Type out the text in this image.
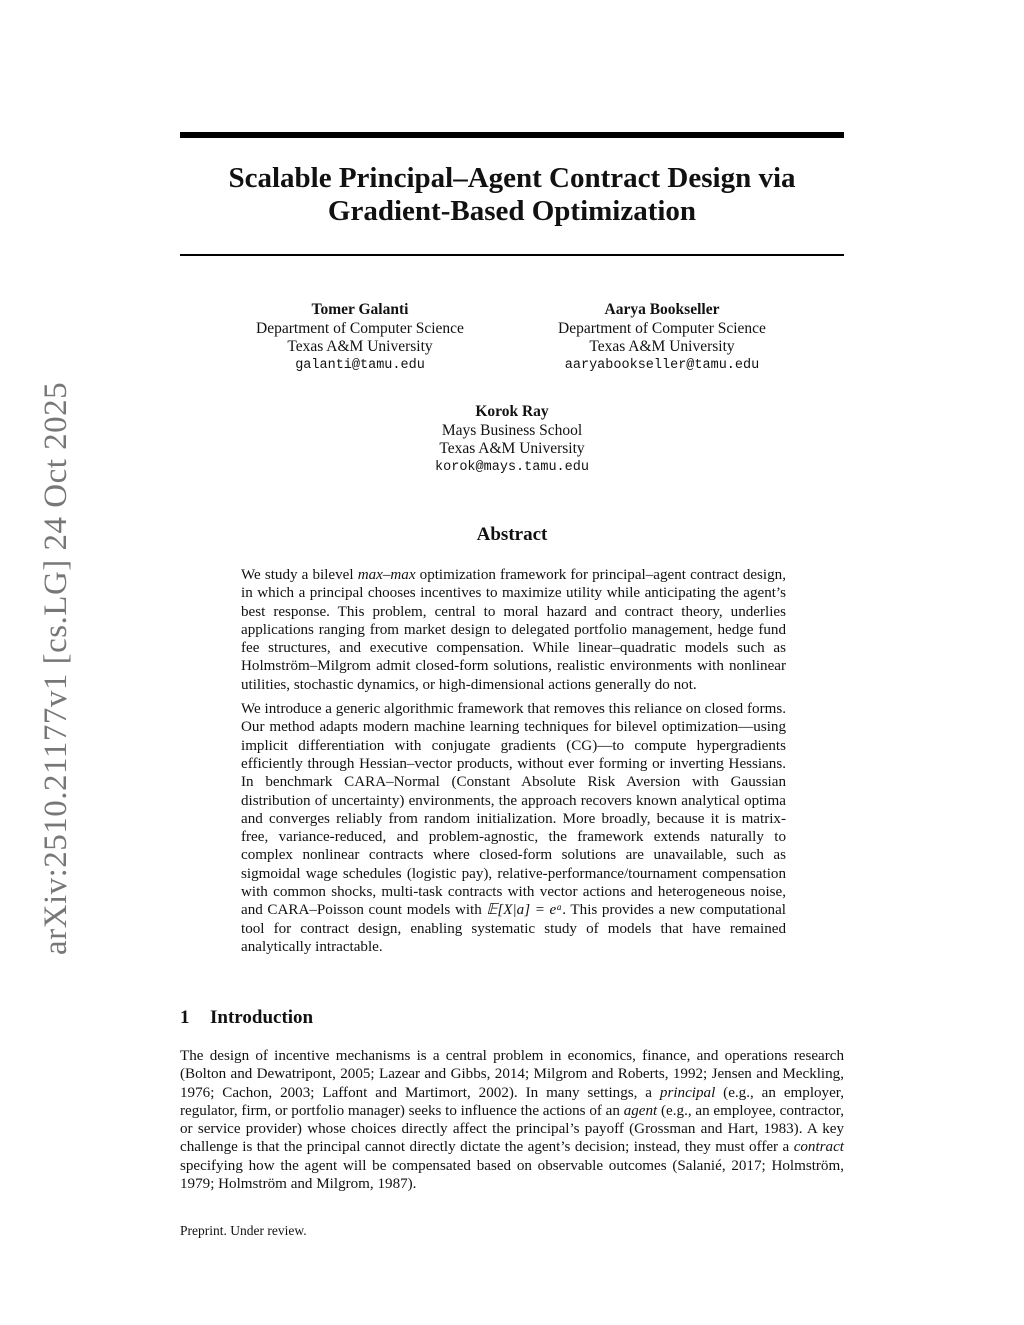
arXiv:2510.21177v1 [cs.LG] 24 Oct 2025
Scalable Principal–Agent Contract Design via Gradient-Based Optimization
Tomer Galanti
Department of Computer Science
Texas A&M University
galanti@tamu.edu
Aarya Bookseller
Department of Computer Science
Texas A&M University
aaryabookseller@tamu.edu
Korok Ray
Mays Business School
Texas A&M University
korok@mays.tamu.edu
Abstract

We study a bilevel max–max optimization framework for principal–agent contract design, in which a principal chooses incentives to maximize utility while anticipating the agent’s best response. This problem, central to moral hazard and contract theory, underlies applications ranging from market design to delegated portfolio management, hedge fund fee structures, and executive compensation. While linear–quadratic models such as Holmström–Milgrom admit closed-form solutions, realistic environments with nonlinear utilities, stochastic dynamics, or high-dimensional actions generally do not.

We introduce a generic algorithmic framework that removes this reliance on closed forms. Our method adapts modern machine learning techniques for bilevel optimization—using implicit differentiation with conjugate gradients (CG)—to compute hypergradients efficiently through Hessian–vector products, without ever forming or inverting Hessians. In benchmark CARA–Normal (Constant Absolute Risk Aversion with Gaussian distribution of uncertainty) environments, the approach recovers known analytical optima and converges reliably from random initialization. More broadly, because it is matrix-free, variance-reduced, and problem-agnostic, the framework extends naturally to complex nonlinear contracts where closed-form solutions are unavailable, such as sigmoidal wage schedules (logistic pay), relative-performance/tournament compensation with common shocks, multi-task contracts with vector actions and heterogeneous noise, and CARA–Poisson count models with 𝔼[X|a] = eᵃ. This provides a new computational tool for contract design, enabling systematic study of models that have remained analytically intractable.

1 Introduction

The design of incentive mechanisms is a central problem in economics, finance, and operations research (Bolton and Dewatripont, 2005; Lazear and Gibbs, 2014; Milgrom and Roberts, 1992; Jensen and Meckling, 1976; Cachon, 2003; Laffont and Martimort, 2002). In many settings, a principal (e.g., an employer, regulator, firm, or portfolio manager) seeks to influence the actions of an agent (e.g., an employee, contractor, or service provider) whose choices directly affect the principal’s payoff (Grossman and Hart, 1983). A key challenge is that the principal cannot directly dictate the agent’s decision; instead, they must offer a contract specifying how the agent will be compensated based on observable outcomes (Salanié, 2017; Holmström, 1979; Holmström and Milgrom, 1987).

Preprint. Under review.
